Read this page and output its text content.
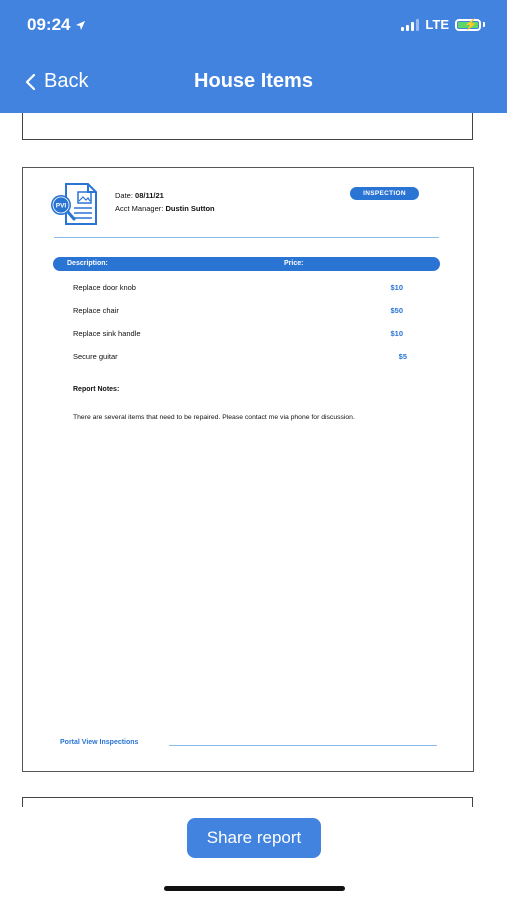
09:24	LTE ⚡
Back	House Items
PVI
Date: 08/11/21
Acct Manager: Dustin Sutton
INSPECTION
Description:	Price:
Replace door knob	$10
Replace chair	$50
Replace sink handle	$10
Secure guitar	$5
Report Notes:
There are several items that need to be repaired. Please contact me via phone for discussion.
Portal View Inspections
Share report
